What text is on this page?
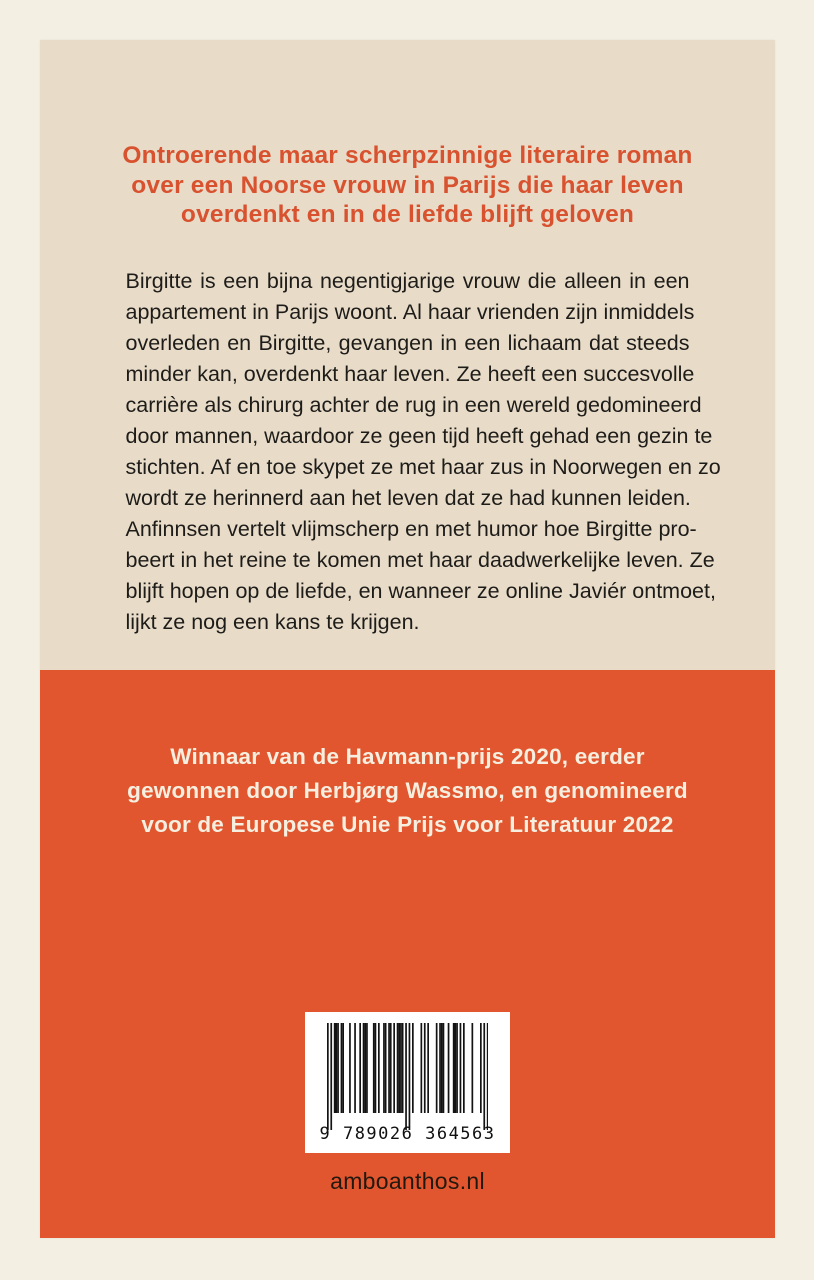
Ontroerende maar scherpzinnige literaire roman
over een Noorse vrouw in Parijs die haar leven
overdenkt en in de liefde blijft geloven
Birgitte is een bijna negentigjarige vrouw die alleen in een
appartement in Parijs woont. Al haar vrienden zijn inmiddels
overleden en Birgitte, gevangen in een lichaam dat steeds
minder kan, overdenkt haar leven. Ze heeft een succesvolle
carrière als chirurg achter de rug in een wereld gedomineerd
door mannen, waardoor ze geen tijd heeft gehad een gezin te
stichten. Af en toe skypet ze met haar zus in Noorwegen en zo
wordt ze herinnerd aan het leven dat ze had kunnen leiden.
Anfinnsen vertelt vlijmscherp en met humor hoe Birgitte pro-
beert in het reine te komen met haar daadwerkelijke leven. Ze
blijft hopen op de liefde, en wanneer ze online Javiér ontmoet,
lijkt ze nog een kans te krijgen.
Winnaar van de Havmann-prijs 2020, eerder
gewonnen door Herbjørg Wassmo, en genomineerd
voor de Europese Unie Prijs voor Literatuur 2022
9 789026 364563
amboanthos.nl
